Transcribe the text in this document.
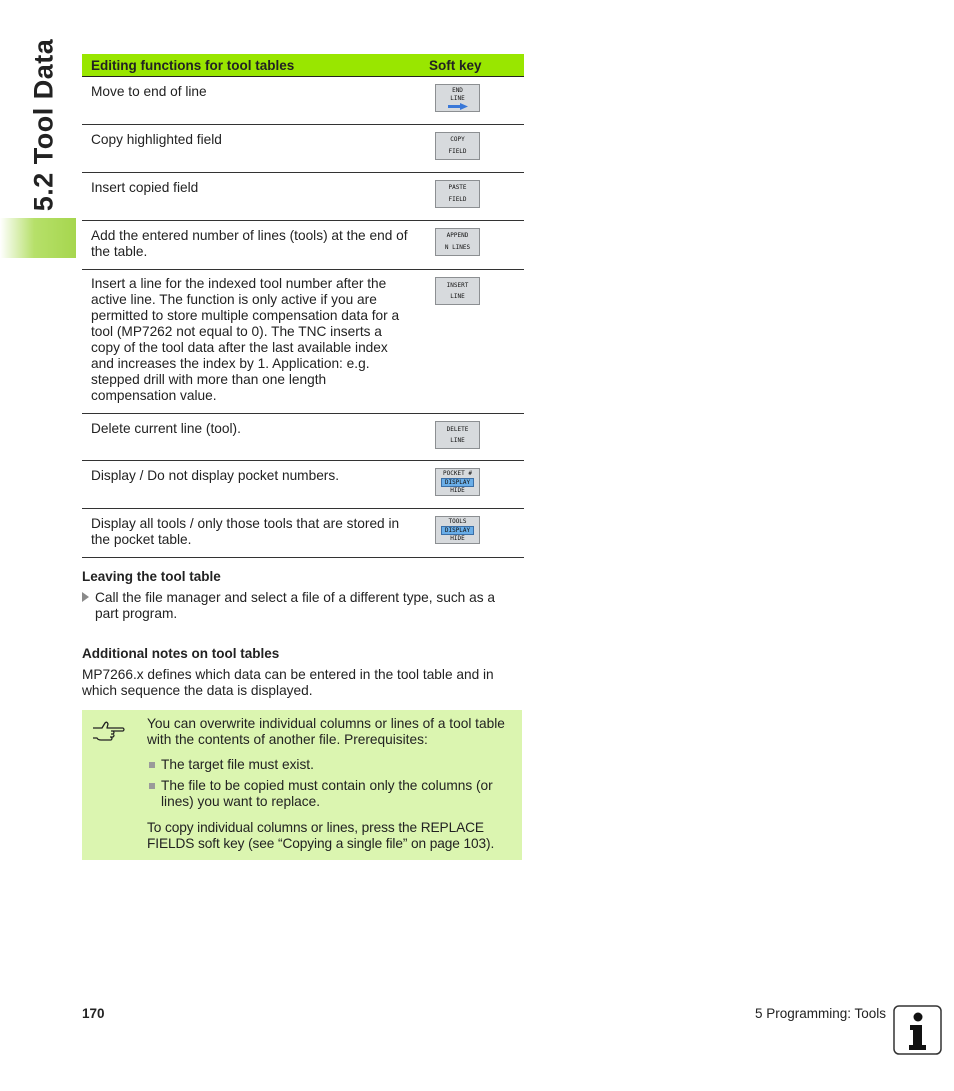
5.2 Tool Data Editing functions for tool tables	Soft key
Move to end of line	END
LINE

Copy highlighted field	COPY
FIELD

Insert copied field	PASTE
FIELD

Add the entered number of lines (tools) at the end of the table.	APPEND
N LINES

Insert a line for the indexed tool number after the active line. The function is only active if you are permitted to store multiple compensation data for a tool (MP7262 not equal to 0). The TNC inserts a copy of the tool data after the last available index and increases the index by 1. Application: e.g. stepped drill with more than one length compensation value.	INSERT
LINE

Delete current line (tool).	DELETE
LINE

Display / Do not display pocket numbers.	POCKET #
DISPLAY
HIDE

Display all tools / only those tools that are stored in the pocket table.	TOOLS
DISPLAY
HIDE
Leaving the tool table

Call the file manager and select a file of a different type, such as a part program.

Additional notes on tool tables

MP7266.x defines which data can be entered in the tool table and in which sequence the data is displayed.

You can overwrite individual columns or lines of a tool table with the contents of another file. Prerequisites:

The target file must exist.

The file to be copied must contain only the columns (or lines) you want to replace.

To copy individual columns or lines, press the REPLACE FIELDS soft key (see “Copying a single file” on page 103).

170	5 Programming: Tools
